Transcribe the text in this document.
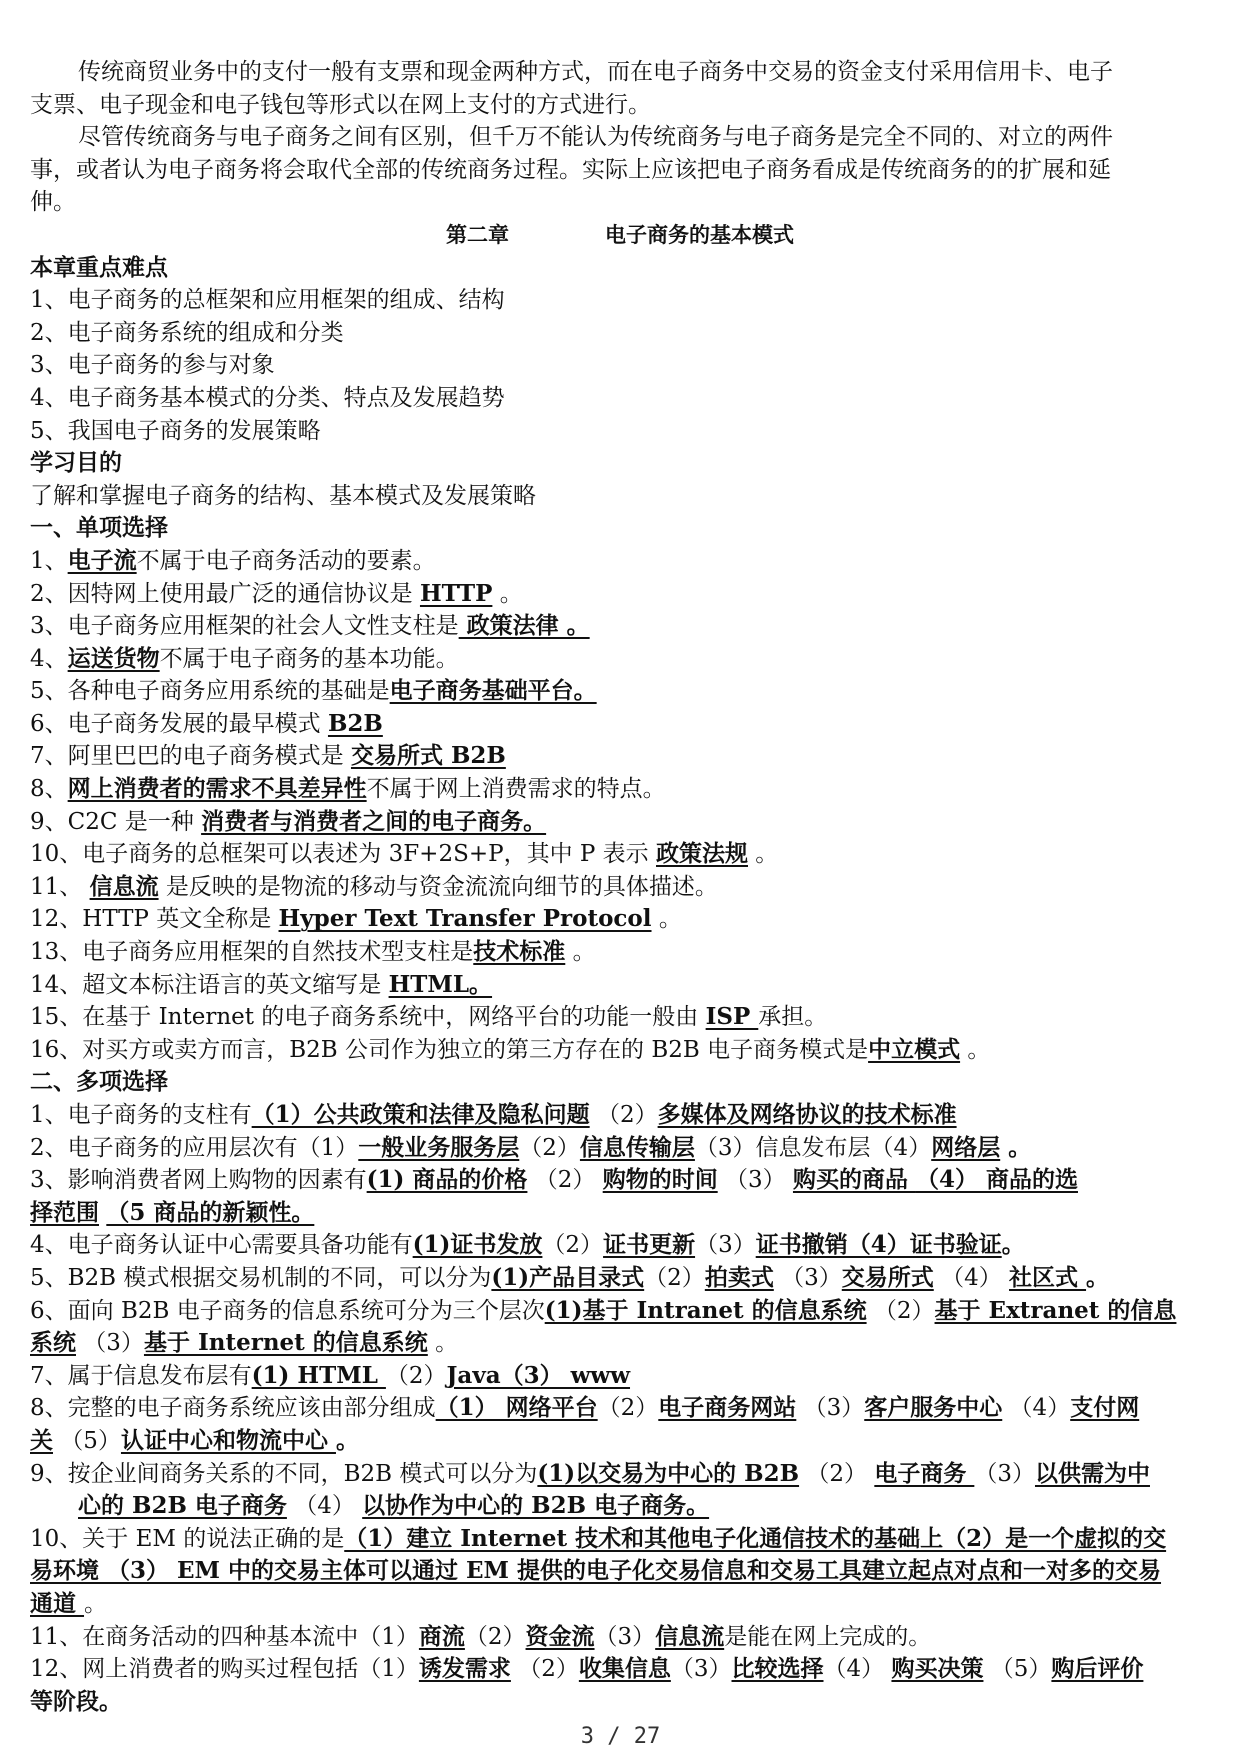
传统商贸业务中的支付一般有支票和现金两种方式，而在电子商务中交易的资金支付采用信用卡、电子
支票、电子现金和电子钱包等形式以在网上支付的方式进行。
尽管传统商务与电子商务之间有区别，但千万不能认为传统商务与电子商务是完全不同的、对立的两件
事，或者认为电子商务将会取代全部的传统商务过程。实际上应该把电子商务看成是传统商务的的扩展和延
伸。
第二章	电子商务的基本模式
本章重点难点
1、电子商务的总框架和应用框架的组成、结构
2、电子商务系统的组成和分类
3、电子商务的参与对象
4、电子商务基本模式的分类、特点及发展趋势
5、我国电子商务的发展策略
学习目的
了解和掌握电子商务的结构、基本模式及发展策略
一、单项选择
1、电子流不属于电子商务活动的要素。
2、因特网上使用最广泛的通信协议是 HTTP 。
3、电子商务应用框架的社会人文性支柱是 政策法律 。
4、运送货物不属于电子商务的基本功能。
5、各种电子商务应用系统的基础是电子商务基础平台。
6、电子商务发展的最早模式 B2B
7、阿里巴巴的电子商务模式是 交易所式 B2B
8、网上消费者的需求不具差异性不属于网上消费需求的特点。
9、C2C 是一种 消费者与消费者之间的电子商务。
10、电子商务的总框架可以表述为 3F+2S+P，其中 P 表示 政策法规 。
11、 信息流 是反映的是物流的移动与资金流流向细节的具体描述。
12、HTTP 英文全称是 Hyper Text Transfer Protocol 。
13、电子商务应用框架的自然技术型支柱是技术标准 。
14、超文本标注语言的英文缩写是 HTML。
15、在基于 Internet 的电子商务系统中，网络平台的功能一般由 ISP 承担。
16、对买方或卖方而言，B2B 公司作为独立的第三方存在的 B2B 电子商务模式是中立模式 。
二、多项选择
1、电子商务的支柱有（1）公共政策和法律及隐私问题 （2）多媒体及网络协议的技术标准
2、电子商务的应用层次有（1）一般业务服务层（2）信息传输层（3）信息发布层（4）网络层 。
3、影响消费者网上购物的因素有(1) 商品的价格 （2） 购物的时间 （3） 购买的商品 （4） 商品的选
择范围 （5 商品的新颖性。
4、电子商务认证中心需要具备功能有(1)证书发放（2）证书更新（3）证书撤销（4）证书验证。
5、B2B 模式根据交易机制的不同，可以分为(1)产品目录式（2）拍卖式 （3）交易所式 （4） 社区式 。
6、面向 B2B 电子商务的信息系统可分为三个层次(1)基于 Intranet 的信息系统 （2）基于 Extranet 的信息
系统 （3）基于 Internet 的信息系统 。
7、属于信息发布层有(1) HTML （2）Java（3） www
8、完整的电子商务系统应该由部分组成（1） 网络平台（2）电子商务网站 （3）客户服务中心 （4）支付网
关 （5）认证中心和物流中心 。
9、按企业间商务关系的不同，B2B 模式可以分为(1)以交易为中心的 B2B （2） 电子商务 （3）以供需为中
心的 B2B 电子商务 （4） 以协作为中心的 B2B 电子商务。
10、关于 EM 的说法正确的是（1）建立 Internet 技术和其他电子化通信技术的基础上（2）是一个虚拟的交
易环境 （3） EM 中的交易主体可以通过 EM 提供的电子化交易信息和交易工具建立起点对点和一对多的交易
通道 。
11、在商务活动的四种基本流中（1）商流（2）资金流（3）信息流是能在网上完成的。
12、网上消费者的购买过程包括（1）诱发需求 （2）收集信息（3）比较选择（4） 购买决策 （5）购后评价
等阶段。
3 / 27
